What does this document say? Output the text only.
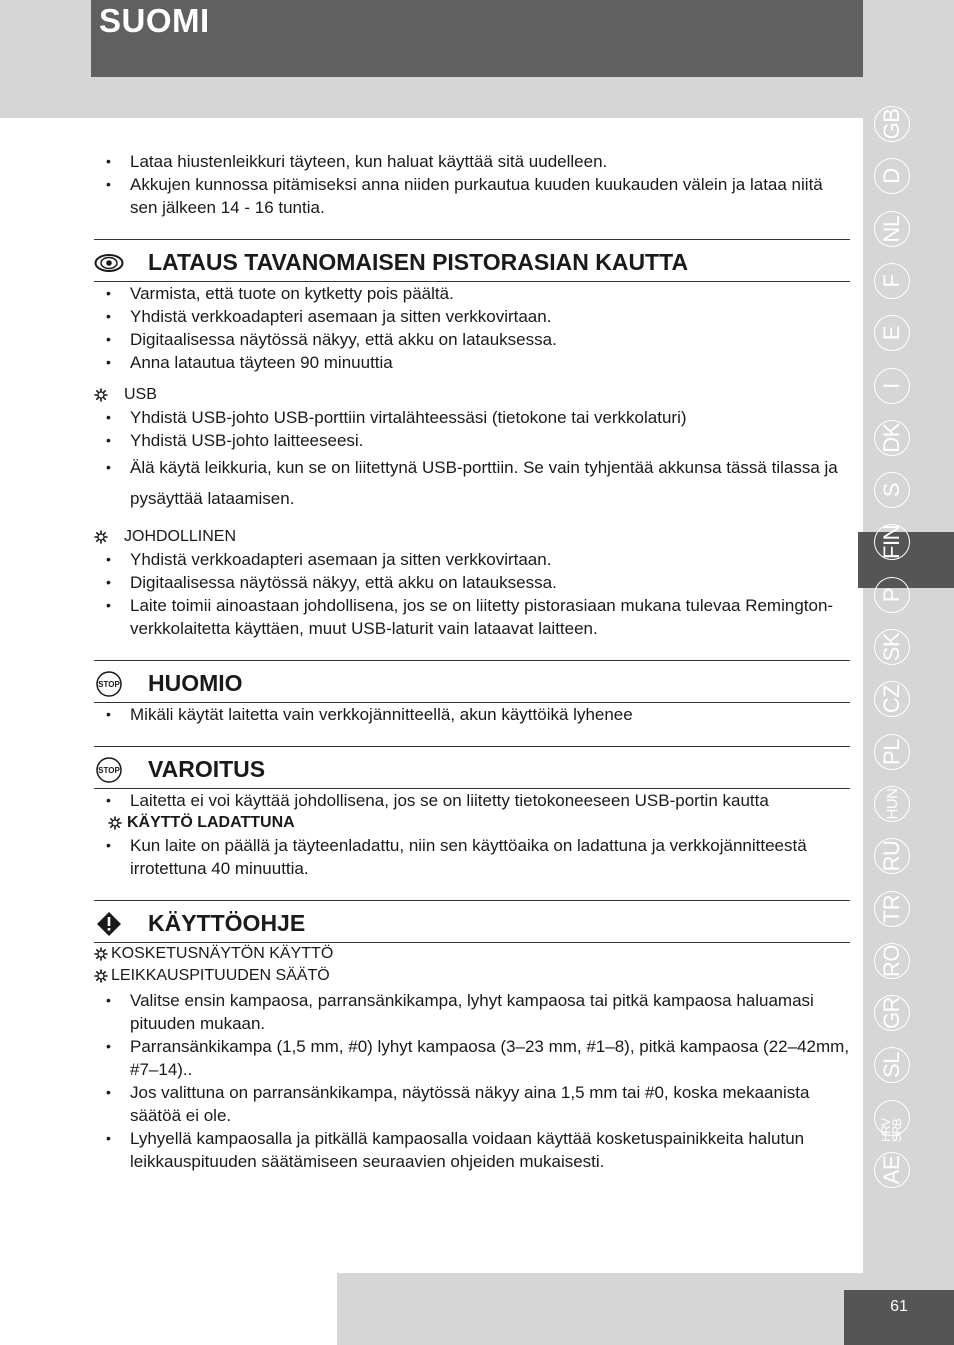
SUOMI
GB
D
NL
F
E
I
DK
S
FIN
P
SK
CZ
PL
HUN
RU
TR
RO
GR
SL
HRV SRB
AE
61
• Lataa hiustenleikkuri täyteen, kun haluat käyttää sitä uudelleen.
• Akkujen kunnossa pitämiseksi anna niiden purkautua kuuden kuukauden välein ja lataa niitä sen jälkeen 14 - 16 tuntia.
LATAUS TAVANOMAISEN PISTORASIAN KAUTTA
• Varmista, että tuote on kytketty pois päältä.
• Yhdistä verkkoadapteri asemaan ja sitten verkkovirtaan.
• Digitaalisessa näytössä näkyy, että akku on latauksessa.
• Anna latautua täyteen 90 minuuttia
USB
• Yhdistä USB-johto USB-porttiin virtalähteessäsi (tietokone tai verkkolaturi)
• Yhdistä USB-johto laitteeseesi.
• Älä käytä leikkuria, kun se on liitettynä USB-porttiin. Se vain tyhjentää akkunsa tässä tilassa ja pysäyttää lataamisen.
JOHDOLLINEN
• Yhdistä verkkoadapteri asemaan ja sitten verkkovirtaan.
• Digitaalisessa näytössä näkyy, että akku on latauksessa.
• Laite toimii ainoastaan johdollisena, jos se on liitetty pistorasiaan mukana tulevaa Remington-verkkolaitetta käyttäen, muut USB-laturit vain lataavat laitteen.
STOP HUOMIO
• Mikäli käytät laitetta vain verkkojännitteellä, akun käyttöikä lyhenee
STOP VAROITUS
• Laitetta ei voi käyttää johdollisena, jos se on liitetty tietokoneeseen USB-portin kautta
KÄYTTÖ LADATTUNA
• Kun laite on päällä ja täyteenladattu, niin sen käyttöaika on ladattuna ja verkkojännitteestä irrotettuna 40 minuuttia.
KÄYTTÖOHJE
KOSKETUSNÄYTÖN KÄYTTÖ
LEIKKAUSPITUUDEN SÄÄTÖ
• Valitse ensin kampaosa, parransänkikampa, lyhyt kampaosa tai pitkä kampaosa haluamasi pituuden mukaan.
• Parransänkikampa (1,5 mm, #0) lyhyt kampaosa (3–23 mm, #1–8), pitkä kampaosa (22–42mm, #7–14)..
• Jos valittuna on parransänkikampa, näytössä näkyy aina 1,5 mm tai #0, koska mekaanista säätöä ei ole.
• Lyhyellä kampaosalla ja pitkällä kampaosalla voidaan käyttää kosketuspainikkeita halutun leikkauspituuden säätämiseen seuraavien ohjeiden mukaisesti.
